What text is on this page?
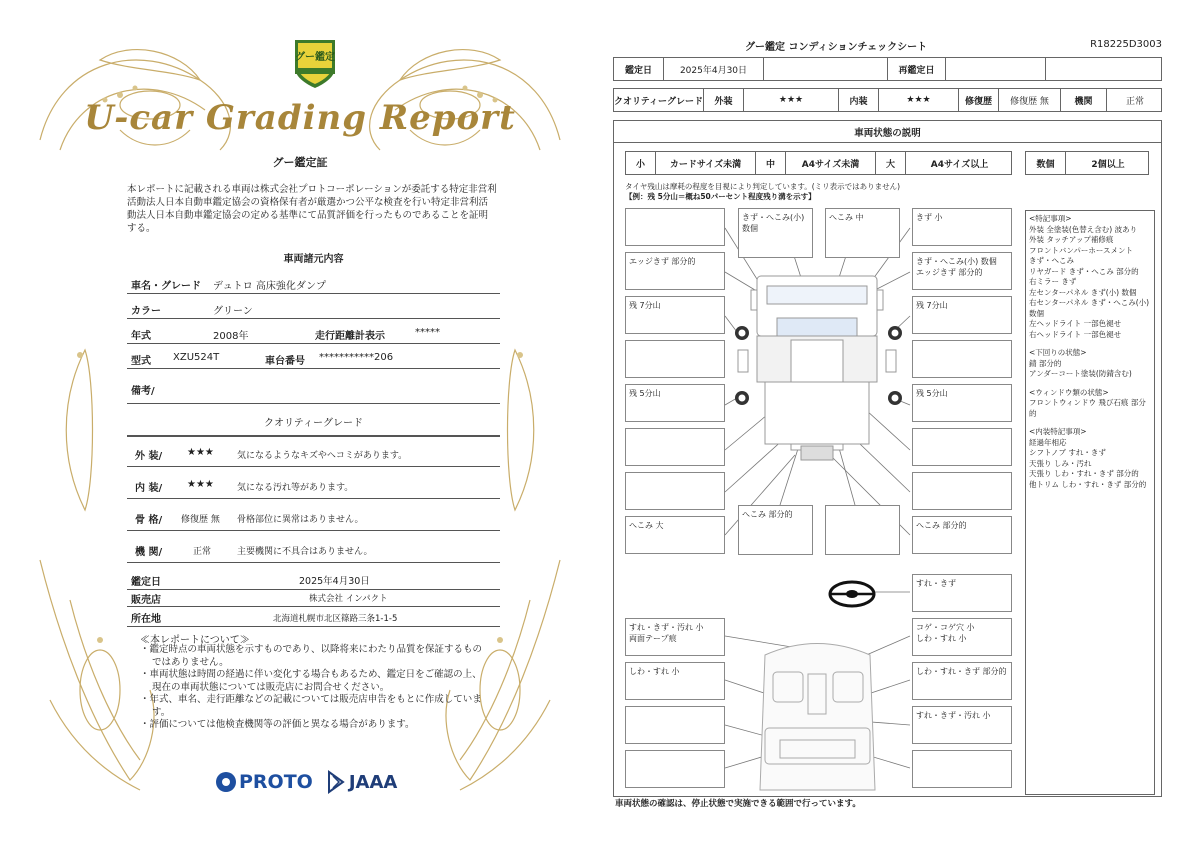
グー鑑定
U-car Grading Report
グー鑑定証
本レポートに記載される車両は株式会社プロトコーポレーションが委託する特定非営利活動法人日本自動車鑑定協会の資格保有者が厳選かつ公平な検査を行い特定非営利活動法人日本自動車鑑定協会の定める基準にて品質評価を行ったものであることを証明する。
車両諸元内容
車名・グレード デュトロ 高床強化ダンプ
カラー	グリーン
年式	2008年	走行距離計表示	*****
型式 XZU524T	車台番号 ***********206
備考/
クオリティーグレード
外 装/ ★★★	気になるようなキズやヘコミがあります。
内 装/ ★★★	気になる汚れ等があります。
骨 格/ 修復歴 無 骨格部位に異常はありません。
機 関/	正常	主要機関に不具合はありません。
鑑定日	2025年4月30日
販売店	株式会社 インパクト
所在地	北海道札幌市北区篠路三条1-1-5
≪本レポートについて≫
・鑑定時点の車両状態を示すものであり、以降将来にわたり品質を保証するものではありません。
・車両状態は時間の経過に伴い変化する場合もあるため、鑑定日をご確認の上、現在の車両状態については販売店にお問合せください。
・年式、車名、走行距離などの記載については販売店申告をもとに作成しています。
・評価については他検査機関等の評価と異なる場合があります。
PROTO JAAA
グー鑑定 コンディションチェックシート	R18225D3003
鑑定日	2025年4月30日	再鑑定日
クオリティーグレード	外装	★★★	内装	★★★	修復歴	修復歴 無	機関	正常
車両状態の説明
小	カードサイズ未満	中	A4サイズ未満	大	A4サイズ以上	数個	2個以上
タイヤ残山は摩耗の程度を目視により判定しています。(ミリ表示ではありません)
【例：残 5分山＝概ね50パーセント程度残り溝を示す】
きず・へこみ(小) 数個
へこみ 中	きず 小
エッジきず 部分的	きず・へこみ(小) 数個
エッジきず 部分的
残 7分山	残 7分山
残 5分山	残 5分山
へこみ 大
へこみ 部分的
へこみ 部分的
すれ・きず
すれ・きず・汚れ 小
両面テープ痕
コゲ・コゲ穴 小
しわ・すれ 小
しわ・すれ 小	しわ・すれ・きず 部分的
すれ・きず・汚れ 小
<特記事項>
外装 全塗装(色替え含む) 波あり
外装 タッチアップ補修痕
フロントバンパーホースメント
きず・へこみ
リヤガード きず・へこみ 部分的
右ミラー きず
左センターパネル きず(小) 数個
右センターパネル きず・へこみ(小)
数個
左ヘッドライト 一部色褪せ
右ヘッドライト 一部色褪せ
<下回りの状態>
錆 部分的
アンダーコート塗装(防錆含む)
<ウィンドウ類の状態>
フロントウィンドウ 飛び石痕 部分的
<内装特記事項>
経過年相応
シフトノブ すれ・きず
天張り しみ・汚れ
天張り しわ・すれ・きず 部分的
他トリム しわ・すれ・きず 部分的
車両状態の確認は、停止状態で実施できる範囲で行っています。
